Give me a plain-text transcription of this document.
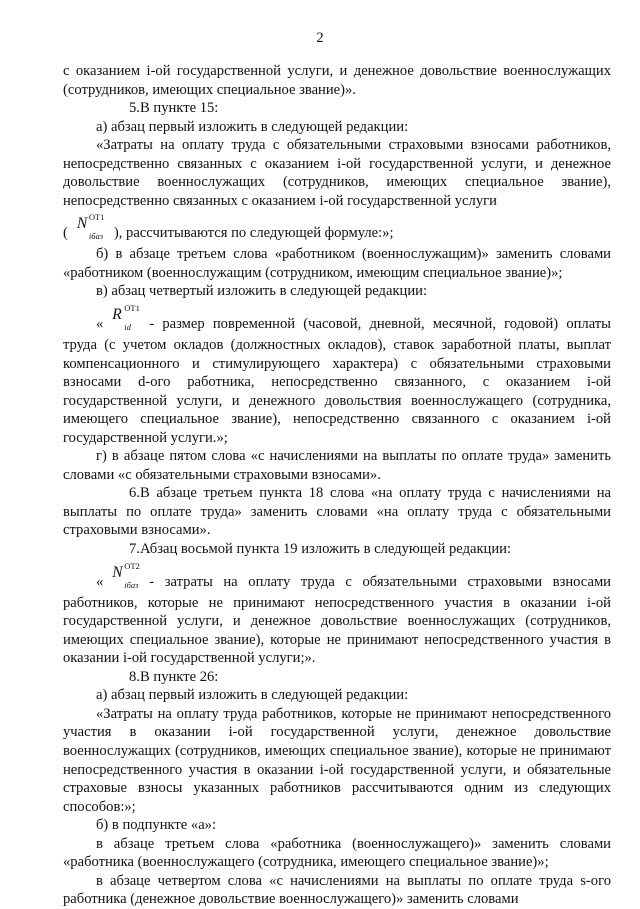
2

с оказанием i-ой государственной услуги, и денежное довольствие военнослужащих (сотрудников, имеющих специальное звание)».

5.В пункте 15:

а) абзац первый изложить в следующей редакции:

«Затраты на оплату труда с обязательными страховыми взносами работников, непосредственно связанных с оказанием i-ой государственной услуги, и денежное довольствие военнослужащих (сотрудников, имеющих специальное звание), непосредственно связанных с оказанием i-ой государственной услуги

(
N ОТ1
iбаз ), рассчитываются по следующей формуле:»;

б) в абзаце третьем слова «работником (военнослужащим)» заменить словами «работником (военнослужащим (сотрудником, имеющим специальное звание)»;

в) абзац четвертый изложить в следующей редакции:

«
R ОТ1
id - размер повременной (часовой, дневной, месячной, годовой) оплаты труда (с учетом окладов (должностных окладов), ставок заработной платы, выплат компенсационного и стимулирующего характера) с обязательными страховыми взносами d-ого работника, непосредственно связанного, с оказанием i-ой государственной услуги, и денежного довольствия военнослужащего (сотрудника, имеющего специальное звание), непосредственно связанного с оказанием i-ой государственной услуги.»;

г) в абзаце пятом слова «с начислениями на выплаты по оплате труда» заменить словами «с обязательными страховыми взносами».

6.В абзаце третьем пункта 18 слова «на оплату труда с начислениями на выплаты по оплате труда» заменить словами «на оплату труда с обязательными страховыми взносами».

7.Абзац восьмой пункта 19 изложить в следующей редакции:

«
N ОТ2
iбаз - затраты на оплату труда с обязательными страховыми взносами работников, которые не принимают непосредственного участия в оказании i-ой государственной услуги, и денежное довольствие военнослужащих (сотрудников, имеющих специальное звание), которые не принимают непосредственного участия в оказании i-ой государственной услуги;».

8.В пункте 26:

а) абзац первый изложить в следующей редакции:

«Затраты на оплату труда работников, которые не принимают непосредственного участия в оказании i-ой государственной услуги, денежное довольствие военнослужащих (сотрудников, имеющих специальное звание), которые не принимают непосредственного участия в оказании i-ой государственной услуги, и обязательные страховые взносы указанных работников рассчитываются одним из следующих способов:»;

б) в подпункте «а»:

в абзаце третьем слова «работника (военнослужащего)» заменить словами «работника (военнослужащего (сотрудника, имеющего специальное звание)»;

в абзаце четвертом слова «с начислениями на выплаты по оплате труда s-ого работника (денежное довольствие военнослужащего)» заменить словами
